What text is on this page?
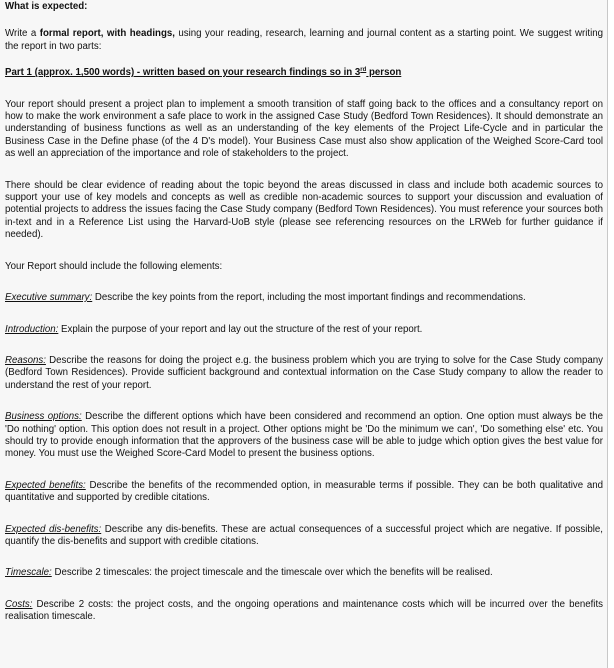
What is expected:

Write a formal report, with headings, using your reading, research, learning and journal content as a starting point. We suggest writing the report in two parts:

Part 1 (approx. 1,500 words) - written based on your research findings so in 3rd person

Your report should present a project plan to implement a smooth transition of staff going back to the offices and a consultancy report on how to make the work environment a safe place to work in the assigned Case Study (Bedford Town Residences). It should demonstrate an understanding of business functions as well as an understanding of the key elements of the Project Life-Cycle and in particular the Business Case in the Define phase (of the 4 D's model). Your Business Case must also show application of the Weighed Score-Card tool as well an appreciation of the importance and role of stakeholders to the project.

There should be clear evidence of reading about the topic beyond the areas discussed in class and include both academic sources to support your use of key models and concepts as well as credible non-academic sources to support your discussion and evaluation of potential projects to address the issues facing the Case Study company (Bedford Town Residences). You must reference your sources both in-text and in a Reference List using the Harvard-UoB style (please see referencing resources on the LRWeb for further guidance if needed).

Your Report should include the following elements:

Executive summary: Describe the key points from the report, including the most important findings and recommendations.

Introduction: Explain the purpose of your report and lay out the structure of the rest of your report.

Reasons: Describe the reasons for doing the project e.g. the business problem which you are trying to solve for the Case Study company (Bedford Town Residences). Provide sufficient background and contextual information on the Case Study company to allow the reader to understand the rest of your report.

Business options: Describe the different options which have been considered and recommend an option. One option must always be the 'Do nothing' option. This option does not result in a project. Other options might be 'Do the minimum we can', 'Do something else' etc. You should try to provide enough information that the approvers of the business case will be able to judge which option gives the best value for money. You must use the Weighed Score-Card Model to present the business options.

Expected benefits: Describe the benefits of the recommended option, in measurable terms if possible. They can be both qualitative and quantitative and supported by credible citations.

Expected dis-benefits: Describe any dis-benefits. These are actual consequences of a successful project which are negative. If possible, quantify the dis-benefits and support with credible citations.

Timescale: Describe 2 timescales: the project timescale and the timescale over which the benefits will be realised.

Costs: Describe 2 costs: the project costs, and the ongoing operations and maintenance costs which will be incurred over the benefits realisation timescale.
